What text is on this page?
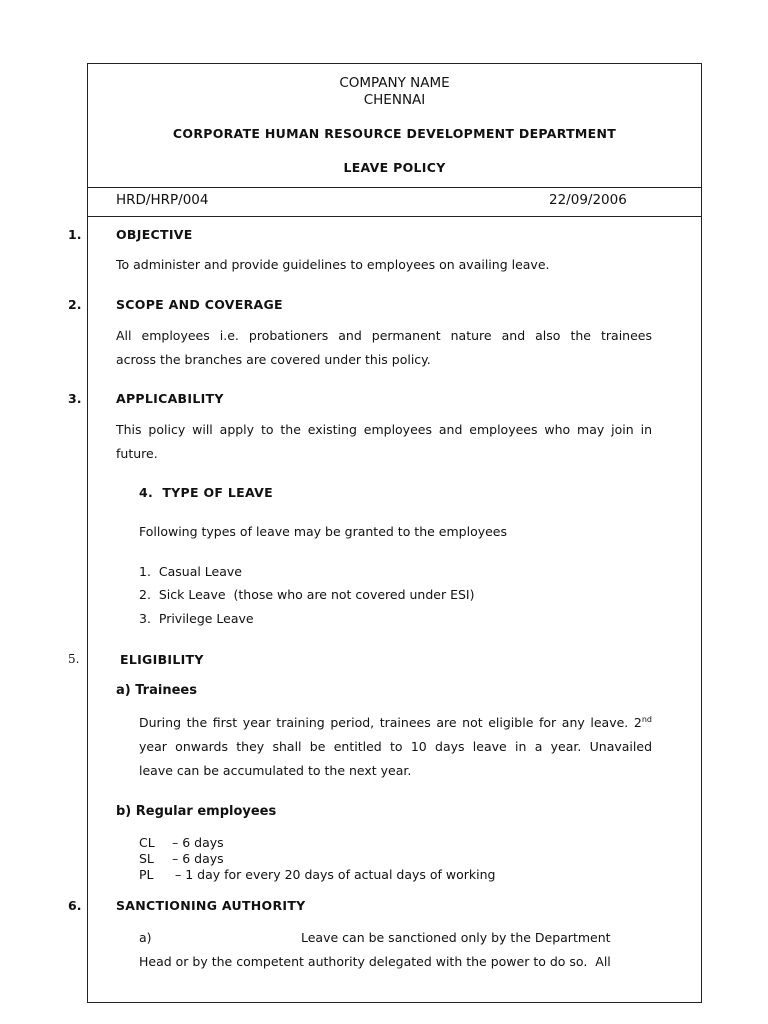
COMPANY NAME
CHENNAI
CORPORATE HUMAN RESOURCE DEVELOPMENT DEPARTMENT
LEAVE POLICY
HRD/HRP/004	22/09/2006
1.	OBJECTIVE
To administer and provide guidelines to employees on availing leave.
2.	SCOPE AND COVERAGE
All employees i.e. probationers and permanent nature and also the trainees
across the branches are covered under this policy.
3.	APPLICABILITY
This policy will apply to the existing employees and employees who may join in
future.
4.  TYPE OF LEAVE
Following types of leave may be granted to the employees
1.  Casual Leave
2.  Sick Leave  (those who are not covered under ESI)
3.  Privilege Leave
5.	ELIGIBILITY
a) Trainees
During the first year training period, trainees are not eligible for any leave. 2nd
year onwards they shall be entitled to 10 days leave in a year. Unavailed
leave can be accumulated to the next year.
b) Regular employees
CL – 6 days
SL – 6 days
PL – 1 day for every 20 days of actual days of working
6.	SANCTIONING AUTHORITY
a)	Leave can be sanctioned only by the Department
Head or by the competent authority delegated with the power to do so.  All
